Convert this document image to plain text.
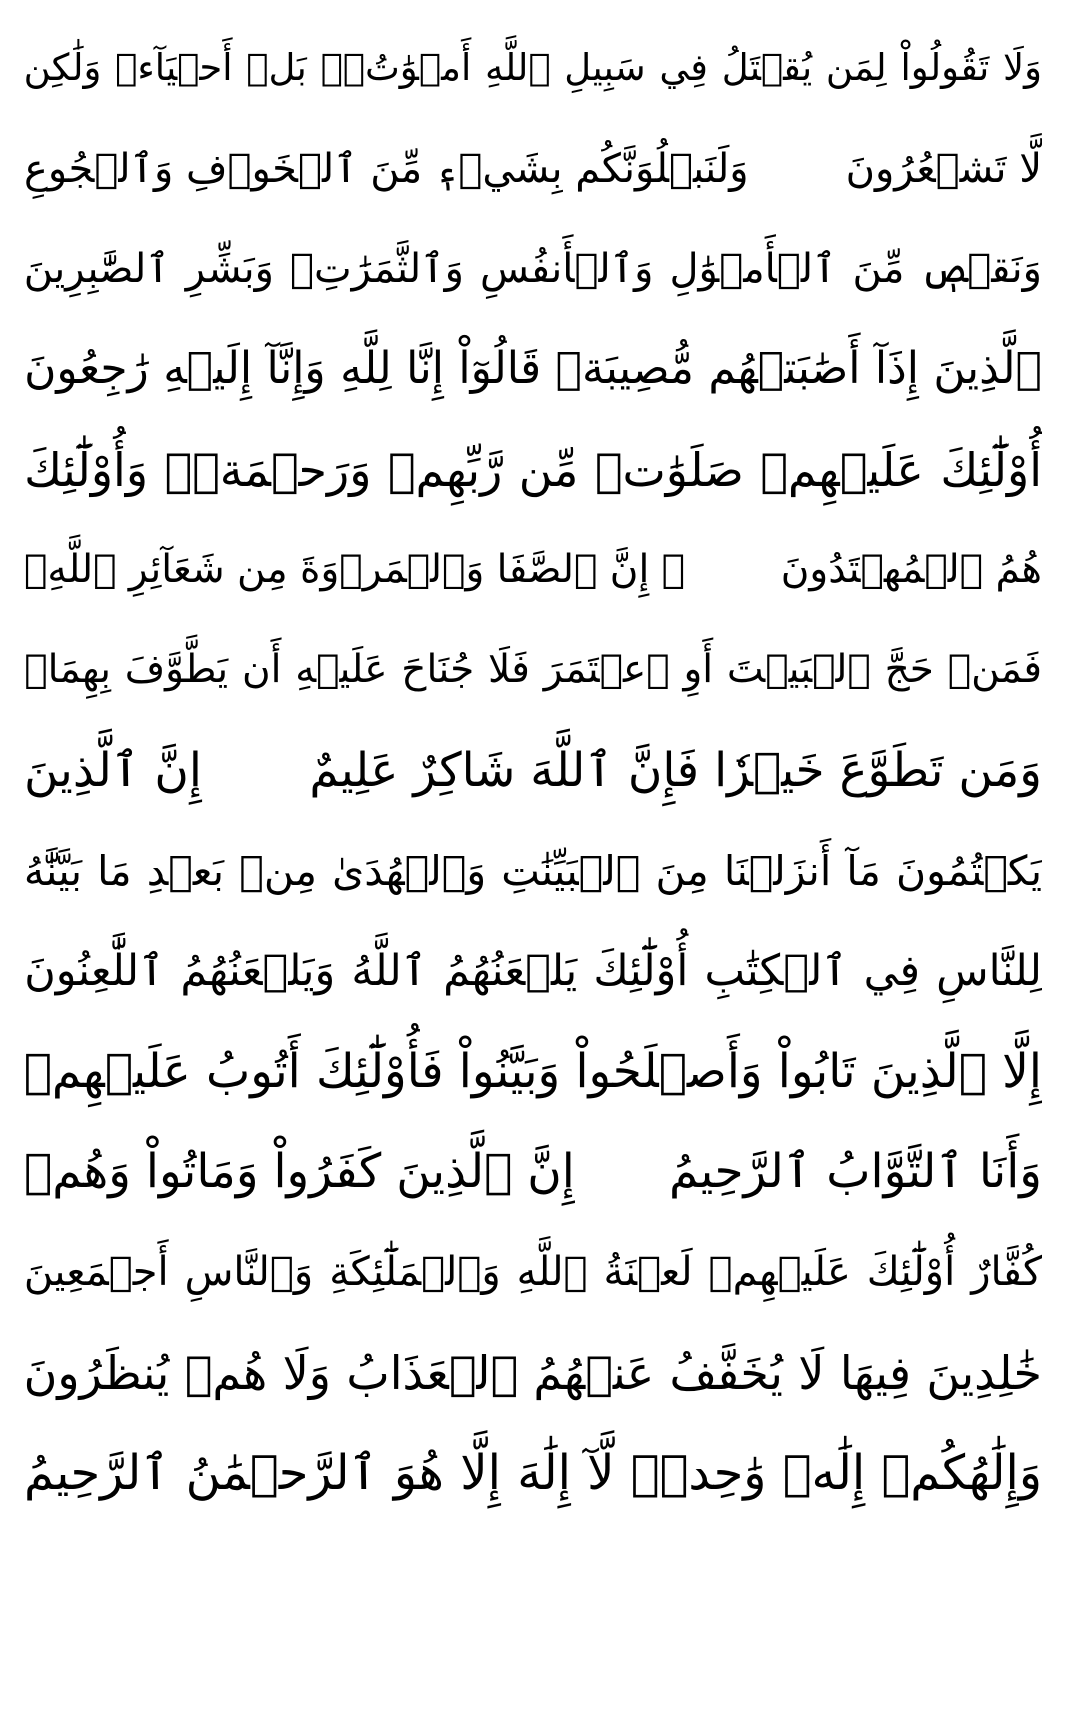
وَلَا تَقُولُواْ لِمَن يُقۡتَلُ فِي سَبِيلِ ٱللَّهِ أَمۡوَٰتُۢۚ بَلۡ أَحۡيَآءٞ وَلَٰكِن
لَّا تَشۡعُرُونَ
وَلَنَبۡلُوَنَّكُم بِشَيۡءٖ مِّنَ ٱلۡخَوۡفِ وَٱلۡجُوعِ
وَنَقۡصٖ مِّنَ ٱلۡأَمۡوَٰلِ وَٱلۡأَنفُسِ وَٱلثَّمَرَٰتِۗ وَبَشِّرِ ٱلصَّٰبِرِينَ
ٱلَّذِينَ إِذَآ أَصَٰبَتۡهُم مُّصِيبَةٞ قَالُوٓاْ إِنَّا لِلَّهِ وَإِنَّآ إِلَيۡهِ رَٰجِعُونَ
أُوْلَٰٓئِكَ عَلَيۡهِمۡ صَلَوَٰتٞ مِّن رَّبِّهِمۡ وَرَحۡمَةٞۖ وَأُوْلَٰٓئِكَ
هُمُ ٱلۡمُهۡتَدُونَ
۞ إِنَّ ٱلصَّفَا وَٱلۡمَرۡوَةَ مِن شَعَآئِرِ ٱللَّهِۖ
فَمَنۡ حَجَّ ٱلۡبَيۡتَ أَوِ ٱعۡتَمَرَ فَلَا جُنَاحَ عَلَيۡهِ أَن يَطَّوَّفَ بِهِمَاۚ
وَمَن تَطَوَّعَ خَيۡرٗا فَإِنَّ ٱللَّهَ شَاكِرٌ عَلِيمٌ
إِنَّ ٱلَّذِينَ
يَكۡتُمُونَ مَآ أَنزَلۡنَا مِنَ ٱلۡبَيِّنَٰتِ وَٱلۡهُدَىٰ مِنۢ بَعۡدِ مَا بَيَّنَّٰهُ
لِلنَّاسِ فِي ٱلۡكِتَٰبِ أُوْلَٰٓئِكَ يَلۡعَنُهُمُ ٱللَّهُ وَيَلۡعَنُهُمُ ٱللَّٰعِنُونَ
إِلَّا ٱلَّذِينَ تَابُواْ وَأَصۡلَحُواْ وَبَيَّنُواْ فَأُوْلَٰٓئِكَ أَتُوبُ عَلَيۡهِمۡ
وَأَنَا ٱلتَّوَّابُ ٱلرَّحِيمُ
إِنَّ ٱلَّذِينَ كَفَرُواْ وَمَاتُواْ وَهُمۡ
كُفَّارٌ أُوْلَٰٓئِكَ عَلَيۡهِمۡ لَعۡنَةُ ٱللَّهِ وَٱلۡمَلَٰٓئِكَةِ وَٱلنَّاسِ أَجۡمَعِينَ
خَٰلِدِينَ فِيهَا لَا يُخَفَّفُ عَنۡهُمُ ٱلۡعَذَابُ وَلَا هُمۡ يُنظَرُونَ
وَإِلَٰهُكُمۡ إِلَٰهٞ وَٰحِدٞۖ لَّآ إِلَٰهَ إِلَّا هُوَ ٱلرَّحۡمَٰنُ ٱلرَّحِيمُ
